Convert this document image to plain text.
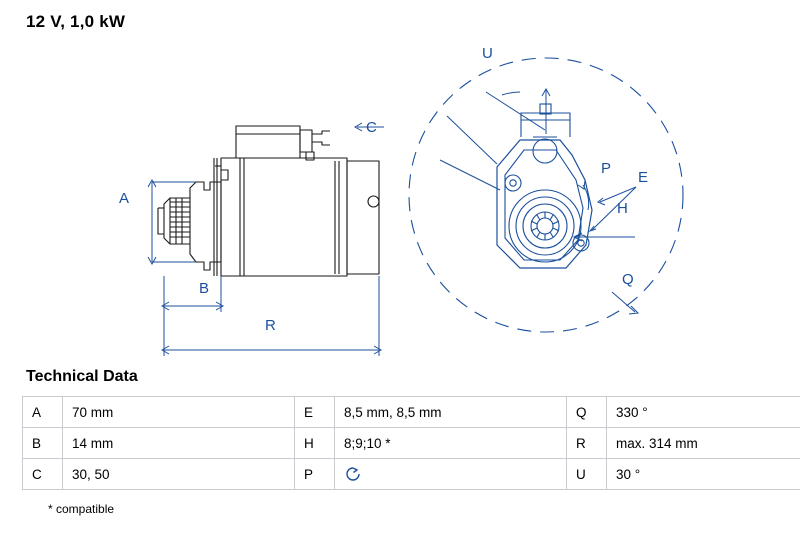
12 V, 1,0 kW
A
B
R
C
U
E
P
H
Q
Technical Data
A	70 mm	E	8,5 mm, 8,5 mm	Q	330 °
B	14 mm	H	8;9;10 *	R	max. 314 mm
C	30, 50	P		U	30 °
* compatible
